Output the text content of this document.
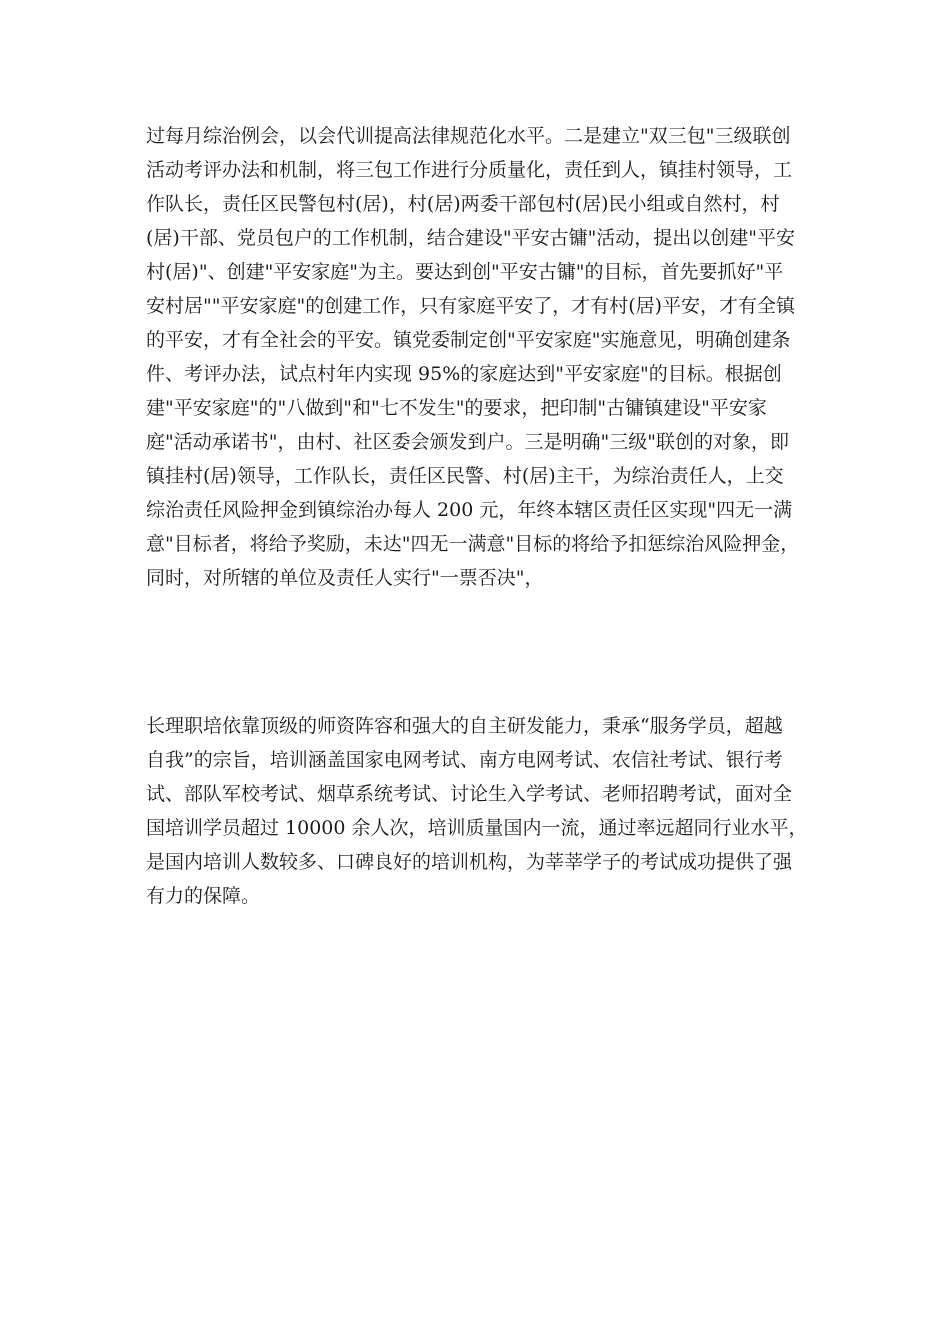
过每月综治例会，以会代训提高法律规范化水平。二是建立"双三包"三级联创
活动考评办法和机制，将三包工作进行分质量化，责任到人，镇挂村领导，工
作队长，责任区民警包村(居)，村(居)两委干部包村(居)民小组或自然村，村
(居)干部、党员包户的工作机制，结合建设"平安古镛"活动，提出以创建"平安
村(居)"、创建"平安家庭"为主。要达到创"平安古镛"的目标，首先要抓好"平
安村居""平安家庭"的创建工作，只有家庭平安了，才有村(居)平安，才有全镇
的平安，才有全社会的平安。镇党委制定创"平安家庭"实施意见，明确创建条
件、考评办法，试点村年内实现 95%的家庭达到"平安家庭"的目标。根据创
建"平安家庭"的"八做到"和"七不发生"的要求，把印制"古镛镇建设"平安家
庭"活动承诺书"，由村、社区委会颁发到户。三是明确"三级"联创的对象，即
镇挂村(居)领导，工作队长，责任区民警、村(居)主干，为综治责任人，上交
综治责任风险押金到镇综治办每人 200 元，年终本辖区责任区实现"四无一满
意"目标者，将给予奖励，未达"四无一满意"目标的将给予扣惩综治风险押金，
同时，对所辖的单位及责任人实行"一票否决"，
长理职培依靠顶级的师资阵容和强大的自主研发能力，秉承“服务学员，超越
自我”的宗旨，培训涵盖国家电网考试、南方电网考试、农信社考试、银行考
试、部队军校考试、烟草系统考试、讨论生入学考试、老师招聘考试，面对全
国培训学员超过 10000 余人次，培训质量国内一流，通过率远超同行业水平，
是国内培训人数较多、口碑良好的培训机构，为莘莘学子的考试成功提供了强
有力的保障。
